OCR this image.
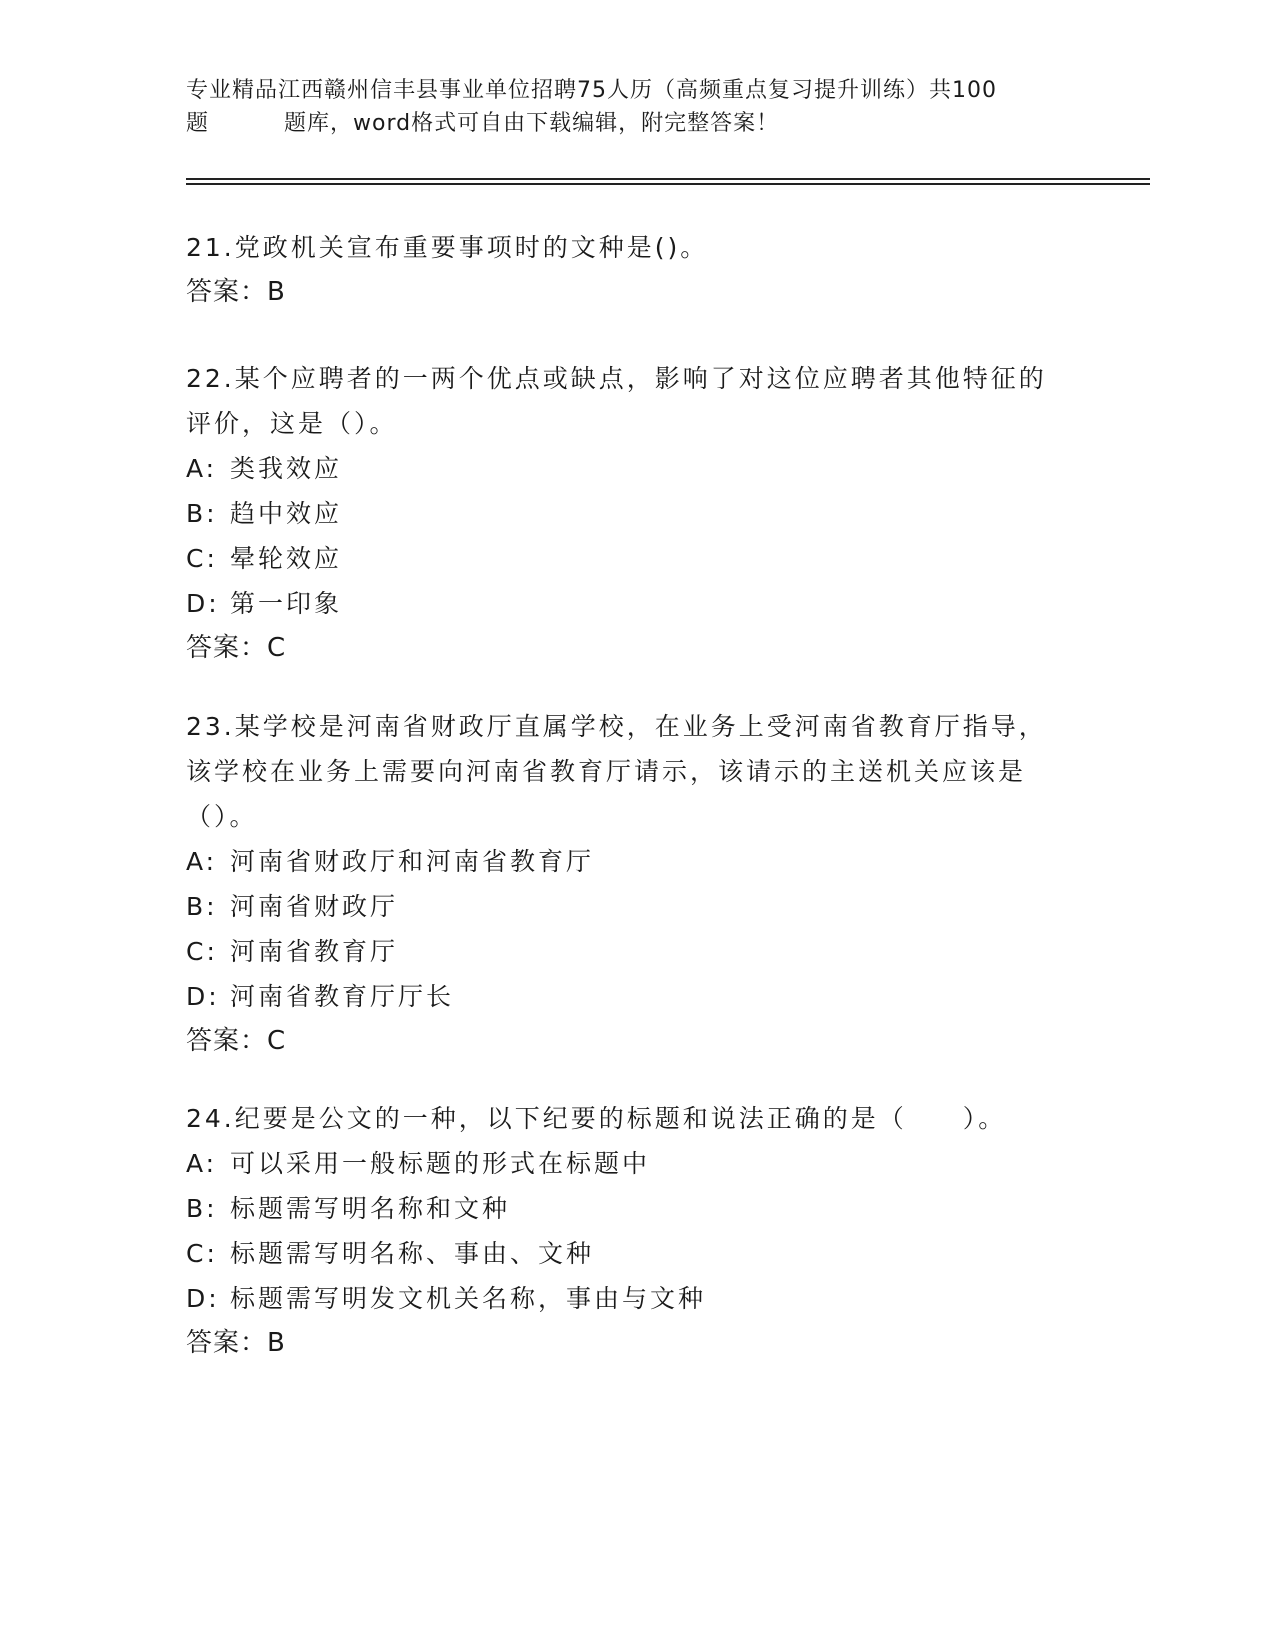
专业精品江西赣州信丰县事业单位招聘75人历（高频重点复习提升训练）共100
题	题库，word格式可自由下载编辑，附完整答案！
21.党政机关宣布重要事项时的文种是()。
答案：B
22.某个应聘者的一两个优点或缺点，影响了对这位应聘者其他特征的
评价，这是（）。
A: 类我效应
B: 趋中效应
C: 晕轮效应
D: 第一印象
答案：C
23.某学校是河南省财政厅直属学校，在业务上受河南省教育厅指导，
该学校在业务上需要向河南省教育厅请示，该请示的主送机关应该是
（）。
A: 河南省财政厅和河南省教育厅
B: 河南省财政厅
C: 河南省教育厅
D: 河南省教育厅厅长
答案：C
24.纪要是公文的一种，以下纪要的标题和说法正确的是（　　）。
A: 可以采用一般标题的形式在标题中
B: 标题需写明名称和文种
C: 标题需写明名称、事由、文种
D: 标题需写明发文机关名称，事由与文种
答案：B
